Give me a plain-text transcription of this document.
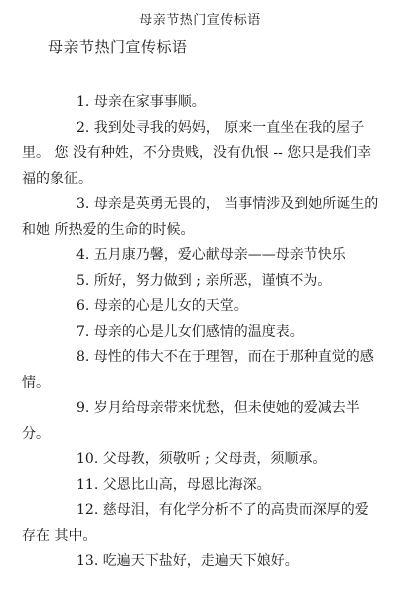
母亲节热门宣传标语
母亲节热门宣传标语

1. 母亲在家事事顺。

2. 我到处寻我的妈妈， 原来一直坐在我的屋子里。 您 没有种姓，不分贵贱，没有仇恨 -- 您只是我们幸福的象征。

3. 母亲是英勇无畏的， 当事情涉及到她所诞生的和她 所热爱的生命的时候。

4. 五月康乃馨，爱心献母亲——母亲节快乐

5. 所好，努力做到 ; 亲所恶，谨慎不为。

6. 母亲的心是儿女的天堂。

7. 母亲的心是儿女们感情的温度表。

8. 母性的伟大不在于理智，而在于那种直觉的感情。

9. 岁月给母亲带来忧愁，但未使她的爱减去半分。

10. 父母教，须敬听 ; 父母责，须顺承。

11. 父恩比山高，母恩比海深。

12. 慈母泪，有化学分析不了的高贵而深厚的爱存在 其中。

13. 吃遍天下盐好，走遍天下娘好。
